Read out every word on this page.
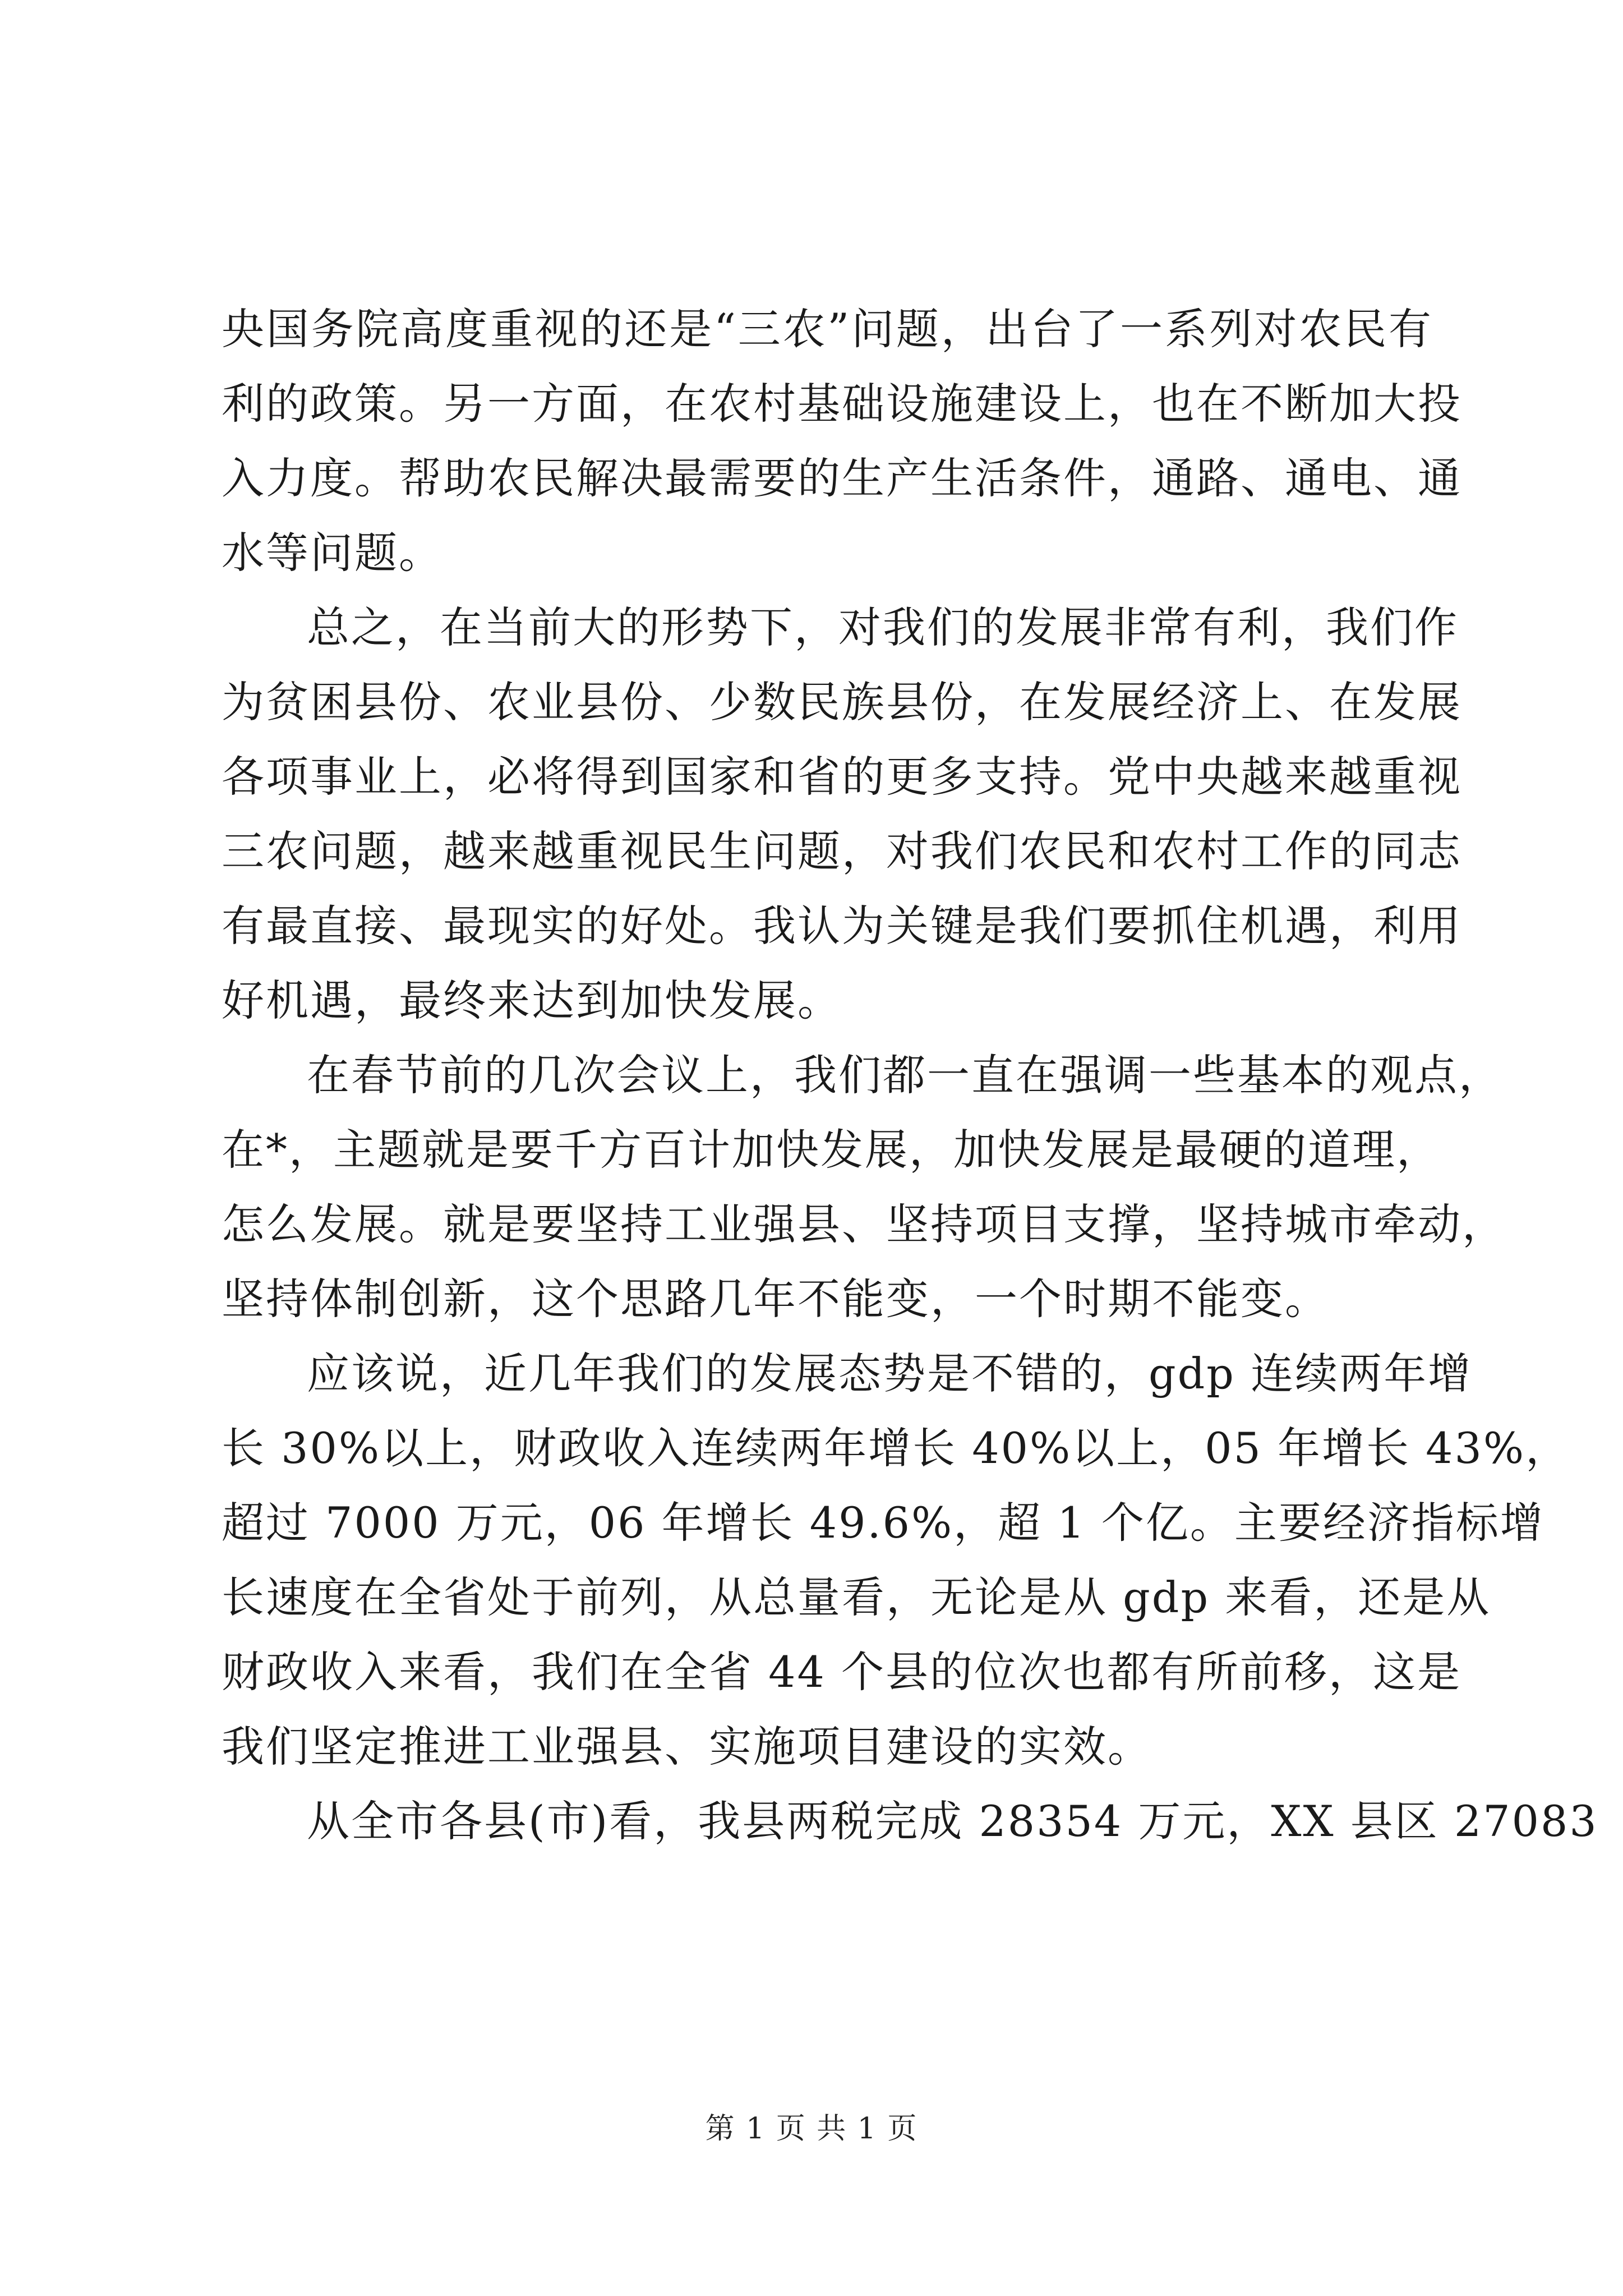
央国务院高度重视的还是“三农”问题，出台了一系列对农民有
利的政策。另一方面，在农村基础设施建设上，也在不断加大投
入力度。帮助农民解决最需要的生产生活条件，通路、通电、通
水等问题。
总之，在当前大的形势下，对我们的发展非常有利，我们作
为贫困县份、农业县份、少数民族县份，在发展经济上、在发展
各项事业上，必将得到国家和省的更多支持。党中央越来越重视
三农问题，越来越重视民生问题，对我们农民和农村工作的同志
有最直接、最现实的好处。我认为关键是我们要抓住机遇，利用
好机遇，最终来达到加快发展。
在春节前的几次会议上，我们都一直在强调一些基本的观点，
在*，主题就是要千方百计加快发展，加快发展是最硬的道理，
怎么发展。就是要坚持工业强县、坚持项目支撑，坚持城市牵动，
坚持体制创新，这个思路几年不能变，一个时期不能变。
应该说，近几年我们的发展态势是不错的，gdp 连续两年增
长 30%以上，财政收入连续两年增长 40%以上，05 年增长 43%，
超过 7000 万元，06 年增长 49.6%，超 1 个亿。主要经济指标增
长速度在全省处于前列，从总量看，无论是从 gdp 来看，还是从
财政收入来看，我们在全省 44 个县的位次也都有所前移，这是
我们坚定推进工业强县、实施项目建设的实效。
从全市各县(市)看，我县两税完成 28354 万元，XX 县区 27083
第 1 页 共 1 页
